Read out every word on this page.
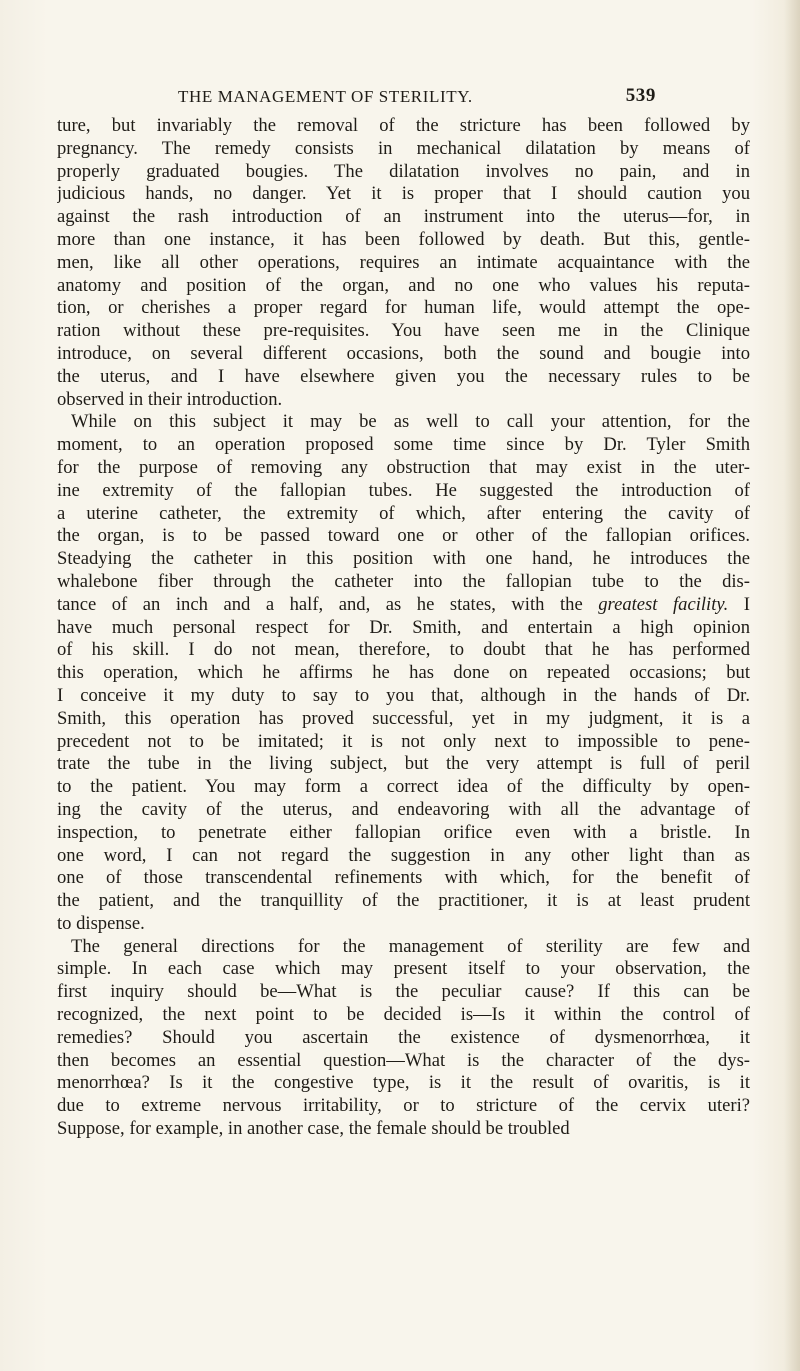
THE MANAGEMENT OF STERILITY.	539
ture, but invariably the removal of the stricture has been followed by
pregnancy. The remedy consists in mechanical dilatation by means of
properly graduated bougies. The dilatation involves no pain, and in
judicious hands, no danger. Yet it is proper that I should caution you
against the rash introduction of an instrument into the uterus—for, in
more than one instance, it has been followed by death. But this, gentle-
men, like all other operations, requires an intimate acquaintance with the
anatomy and position of the organ, and no one who values his reputa-
tion, or cherishes a proper regard for human life, would attempt the ope-
ration without these pre-requisites. You have seen me in the Clinique
introduce, on several different occasions, both the sound and bougie into
the uterus, and I have elsewhere given you the necessary rules to be
observed in their introduction.
While on this subject it may be as well to call your attention, for the
moment, to an operation proposed some time since by Dr. Tyler Smith
for the purpose of removing any obstruction that may exist in the uter-
ine extremity of the fallopian tubes. He suggested the introduction of
a uterine catheter, the extremity of which, after entering the cavity of
the organ, is to be passed toward one or other of the fallopian orifices.
Steadying the catheter in this position with one hand, he introduces the
whalebone fiber through the catheter into the fallopian tube to the dis-
tance of an inch and a half, and, as he states, with the greatest facility. I
have much personal respect for Dr. Smith, and entertain a high opinion
of his skill. I do not mean, therefore, to doubt that he has performed
this operation, which he affirms he has done on repeated occasions; but
I conceive it my duty to say to you that, although in the hands of Dr.
Smith, this operation has proved successful, yet in my judgment, it is a
precedent not to be imitated; it is not only next to impossible to pene-
trate the tube in the living subject, but the very attempt is full of peril
to the patient. You may form a correct idea of the difficulty by open-
ing the cavity of the uterus, and endeavoring with all the advantage of
inspection, to penetrate either fallopian orifice even with a bristle. In
one word, I can not regard the suggestion in any other light than as
one of those transcendental refinements with which, for the benefit of
the patient, and the tranquillity of the practitioner, it is at least prudent
to dispense.
The general directions for the management of sterility are few and
simple. In each case which may present itself to your observation, the
first inquiry should be—What is the peculiar cause? If this can be
recognized, the next point to be decided is—Is it within the control of
remedies? Should you ascertain the existence of dysmenorrhœa, it
then becomes an essential question—What is the character of the dys-
menorrhœa? Is it the congestive type, is it the result of ovaritis, is it
due to extreme nervous irritability, or to stricture of the cervix uteri?
Suppose, for example, in another case, the female should be troubled
